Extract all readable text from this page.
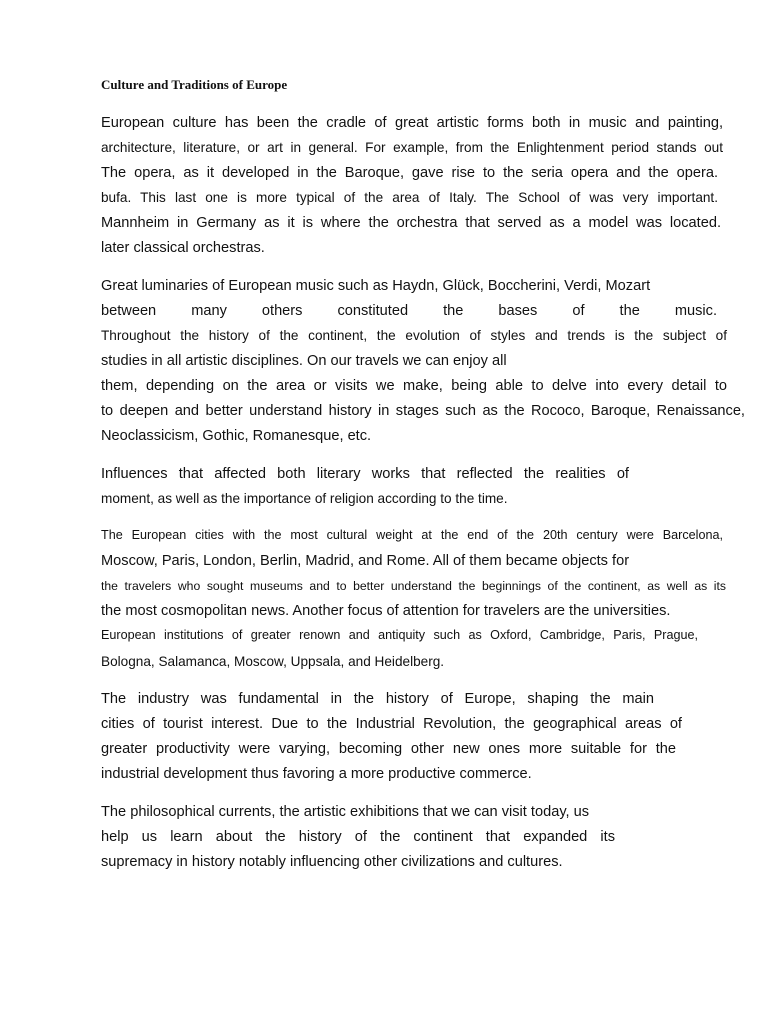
Culture and Traditions of Europe
European culture has been the cradle of great artistic forms both in music and painting,
architecture, literature, or art in general. For example, from the Enlightenment period stands out
The opera, as it developed in the Baroque, gave rise to the seria opera and the opera.
bufa. This last one is more typical of the area of Italy. The School of was very important.
Mannheim in Germany as it is where the orchestra that served as a model was located.
later classical orchestras.
Great luminaries of European music such as Haydn, Glück, Boccherini, Verdi, Mozart
between many others constituted the bases of the music.
Throughout the history of the continent, the evolution of styles and trends is the subject of
studies in all artistic disciplines. On our travels we can enjoy all
them, depending on the area or visits we make, being able to delve into every detail to
to deepen and better understand history in stages such as the Rococo, Baroque, Renaissance,
Neoclassicism, Gothic, Romanesque, etc.
Influences that affected both literary works that reflected the realities of
moment, as well as the importance of religion according to the time.
The European cities with the most cultural weight at the end of the 20th century were Barcelona,
Moscow, Paris, London, Berlin, Madrid, and Rome. All of them became objects for
the travelers who sought museums and to better understand the beginnings of the continent, as well as its
the most cosmopolitan news. Another focus of attention for travelers are the universities.
European institutions of greater renown and antiquity such as Oxford, Cambridge, Paris, Prague,
Bologna, Salamanca, Moscow, Uppsala, and Heidelberg.
The industry was fundamental in the history of Europe, shaping the main
cities of tourist interest. Due to the Industrial Revolution, the geographical areas of
greater productivity were varying, becoming other new ones more suitable for the
industrial development thus favoring a more productive commerce.
The philosophical currents, the artistic exhibitions that we can visit today, us
help us learn about the history of the continent that expanded its
supremacy in history notably influencing other civilizations and cultures.
